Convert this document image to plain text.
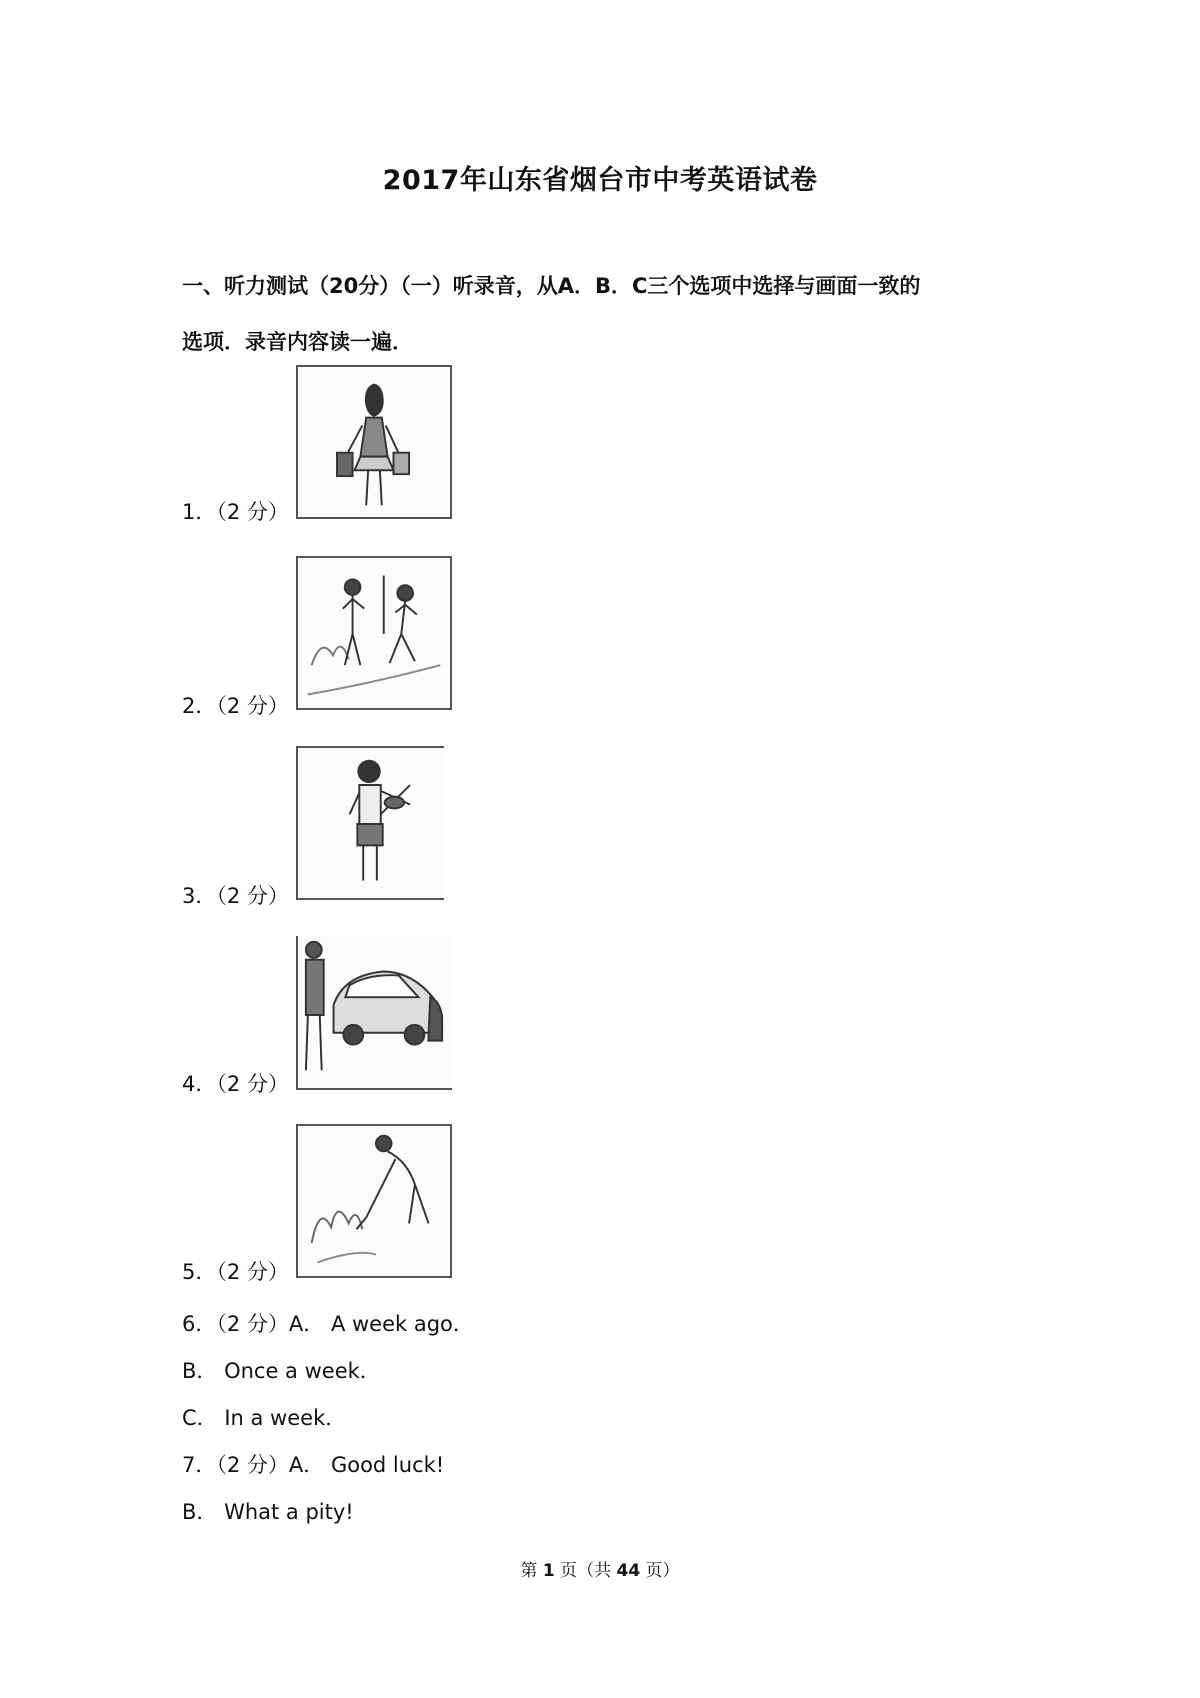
2017年山东省烟台市中考英语试卷
一、听力测试（20分）（一）听录音，从A．B．C三个选项中选择与画面一致的
选项．录音内容读一遍．
1．（2 分）
2．（2 分）
3．（2 分）
4．（2 分）
5．（2 分）
6．（2 分）A． A week ago．
B． Once a week．
C． In a week．
7．（2 分）A． Good luck!
B． What a pity!
第 1 页（共 44 页）
